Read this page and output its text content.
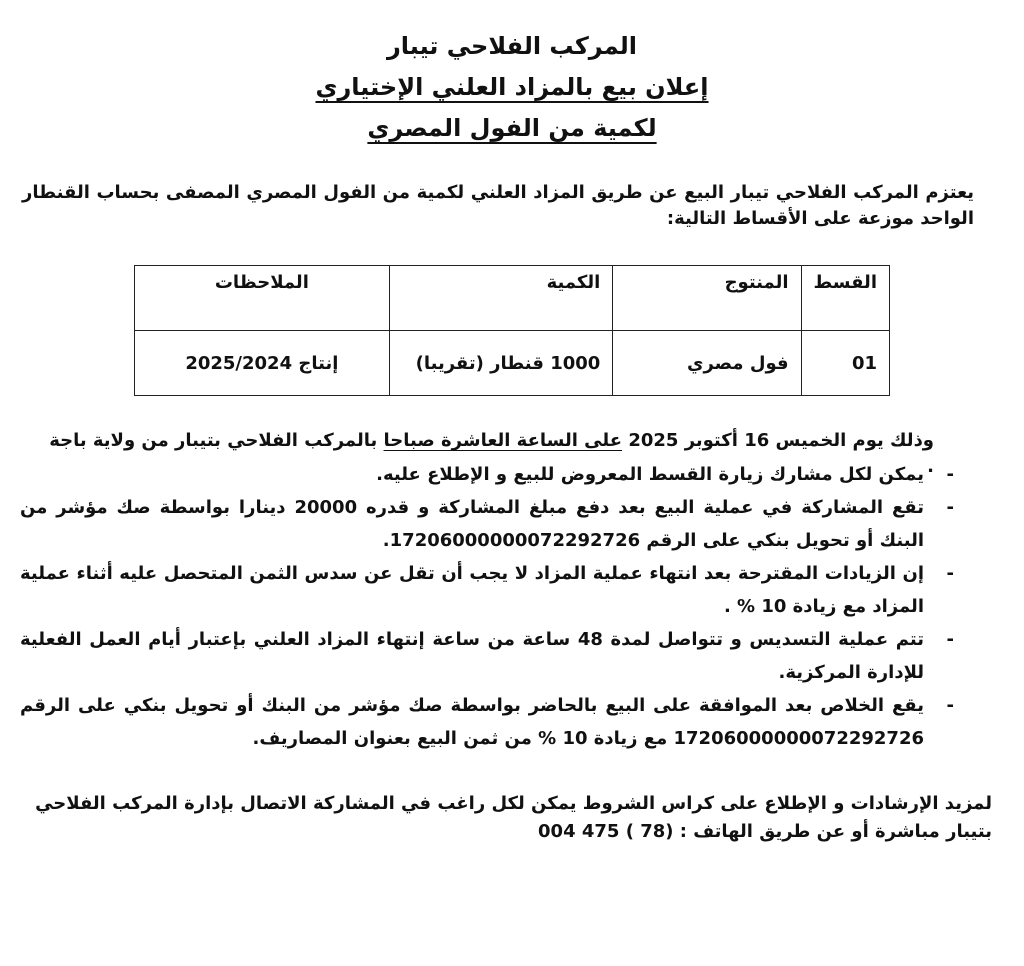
المركب الفلاحي تيبار

إعلان بيع بالمزاد العلني الإختياري

لكمية من الفول المصري

يعتزم المركب الفلاحي تيبار البيع عن طريق المزاد العلني لكمية من الفول المصري المصفى بحساب القنطار الواحد موزعة على الأقساط التالية:

القسط	المنتوج	الكمية	الملاحظات
01	فول مصري	1000 قنطار (تقريبا)	إنتاج 2025/2024

وذلك يوم الخميس 16 أكتوبر 2025 على الساعة العاشرة صباحا بالمركب الفلاحي بتيبار من ولاية باجة .

- يمكن لكل مشارك زيارة القسط المعروض للبيع و الإطلاع عليه.
- تقع المشاركة في عملية البيع بعد دفع مبلغ المشاركة و قدره 20000 دينارا بواسطة صك مؤشر من البنك أو تحويل بنكي على الرقم 17206000000072292726.
- إن الزيادات المقترحة بعد انتهاء عملية المزاد لا يجب أن تقل عن سدس الثمن المتحصل عليه أثناء عملية المزاد مع زيادة 10 % .
- تتم عملية التسديس و تتواصل لمدة 48 ساعة من ساعة إنتهاء المزاد العلني بإعتبار أيام العمل الفعلية للإدارة المركزية.
- يقع الخلاص بعد الموافقة على البيع بالحاضر بواسطة صك مؤشر من البنك أو تحويل بنكي على الرقم 17206000000072292726 مع زيادة 10 % من ثمن البيع بعنوان المصاريف.

لمزيد الإرشادات و الإطلاع على كراس الشروط يمكن لكل راغب في المشاركة الاتصال بإدارة المركب الفلاحي بتيبار مباشرة أو عن طريق الهاتف : 004 475 ( 78)
